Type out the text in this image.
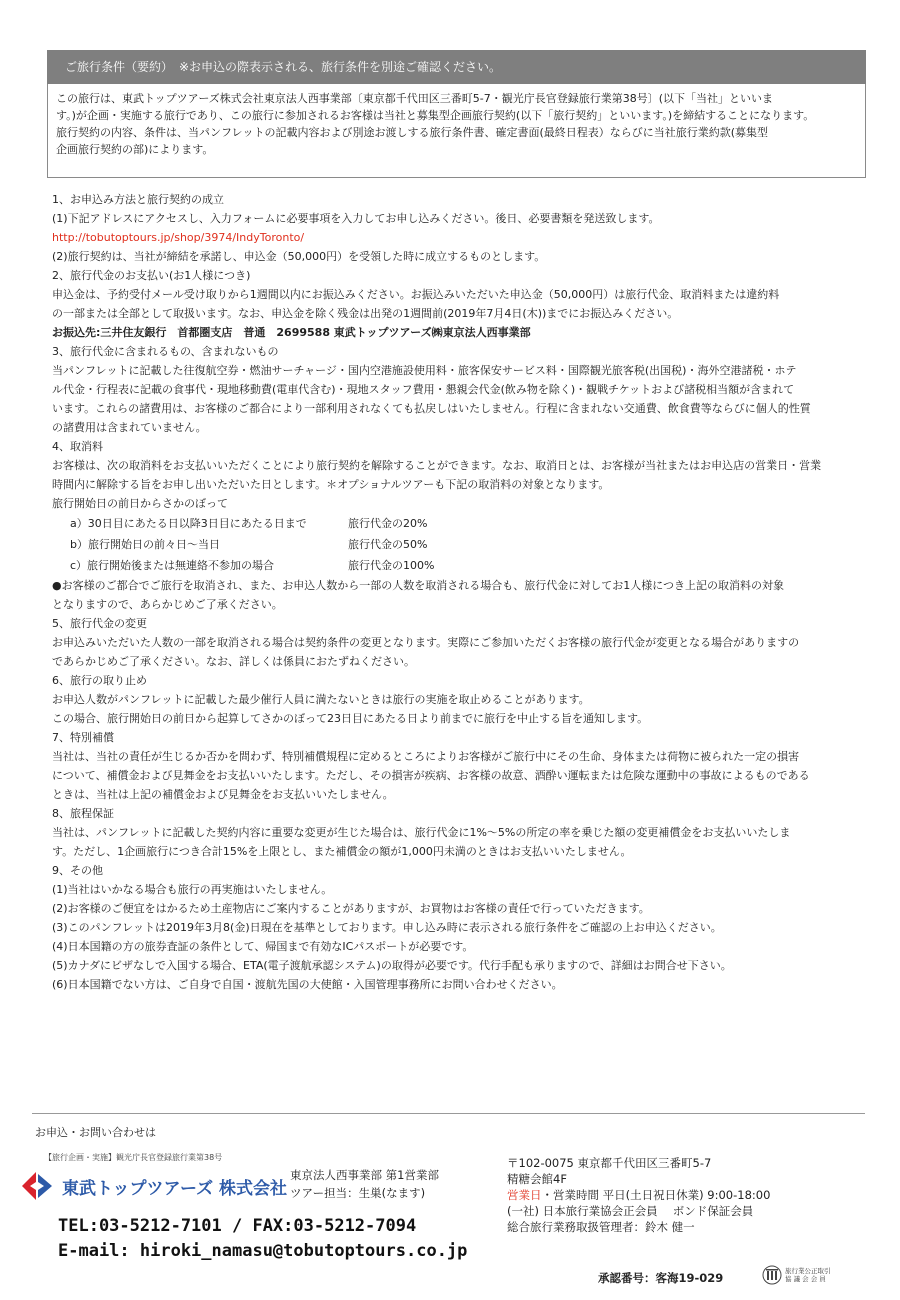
ご旅行条件（要約）　※お申込の際表示される、旅行条件を別途ご確認ください。

この旅行は、東武トップツアーズ株式会社東京法人西事業部〔東京都千代田区三番町5-7・観光庁長官登録旅行業第38号〕(以下「当社」といいま

す。)が企画・実施する旅行であり、この旅行に参加されるお客様は当社と募集型企画旅行契約(以下「旅行契約」といいます。)を締結することになります。

旅行契約の内容、条件は、当パンフレットの記載内容および別途お渡しする旅行条件書、確定書面(最終日程表）ならびに当社旅行業約款(募集型

企画旅行契約の部)によります。

1、お申込み方法と旅行契約の成立

(1)下記アドレスにアクセスし、入力フォームに必要事項を入力してお申し込みください。後日、必要書類を発送致します。

http://tobutoptours.jp/shop/3974/IndyToronto/

(2)旅行契約は、当社が締結を承諾し、申込金（50,000円）を受領した時に成立するものとします。

2、旅行代金のお支払い(お1人様につき)

申込金は、予約受付メール受け取りから1週間以内にお振込みください。お振込みいただいた申込金（50,000円）は旅行代金、取消料または違約料

の一部または全部として取扱います。なお、申込金を除く残金は出発の1週間前(2019年7月4日(木))までにお振込みください。

お振込先:三井住友銀行　首都圏支店　普通　2699588 東武トップツアーズ㈱東京法人西事業部

3、旅行代金に含まれるもの、含まれないもの

当パンフレットに記載した往復航空券・燃油サーチャージ・国内空港施設使用料・旅客保安サービス料・国際観光旅客税(出国税)・海外空港諸税・ホテ

ル代金・行程表に記載の食事代・現地移動費(電車代含む)・現地スタッフ費用・懇親会代金(飲み物を除く)・観戦チケットおよび諸税相当額が含まれて

います。これらの諸費用は、お客様のご都合により一部利用されなくても払戻しはいたしません。行程に含まれない交通費、飲食費等ならびに個人的性質

の諸費用は含まれていません。

4、取消料

お客様は、次の取消料をお支払いいただくことにより旅行契約を解除することができます。なお、取消日とは、お客様が当社またはお申込店の営業日・営業

時間内に解除する旨をお申し出いただいた日とします。＊オプショナルツアーも下記の取消料の対象となります。

旅行開始日の前日からさかのぼって

a）30日目にあたる日以降3日目にあたる日まで	旅行代金の20%
b）旅行開始日の前々日～当日	旅行代金の50%
c）旅行開始後または無連絡不参加の場合	旅行代金の100%

●お客様のご都合でご旅行を取消され、また、お申込人数から一部の人数を取消される場合も、旅行代金に対してお1人様につき上記の取消料の対象

となりますので、あらかじめご了承ください。

5、旅行代金の変更

お申込みいただいた人数の一部を取消される場合は契約条件の変更となります。実際にご参加いただくお客様の旅行代金が変更となる場合がありますの

であらかじめご了承ください。なお、詳しくは係員におたずねください。

6、旅行の取り止め

お申込人数がパンフレットに記載した最少催行人員に満たないときは旅行の実施を取止めることがあります。

この場合、旅行開始日の前日から起算してさかのぼって23日目にあたる日より前までに旅行を中止する旨を通知します。

7、特別補償

当社は、当社の責任が生じるか否かを問わず、特別補償規程に定めるところによりお客様がご旅行中にその生命、身体または荷物に被られた一定の損害

について、補償金および見舞金をお支払いいたします。ただし、その損害が疾病、お客様の故意、酒酔い運転または危険な運動中の事故によるものである

ときは、当社は上記の補償金および見舞金をお支払いいたしません。

8、旅程保証

当社は、パンフレットに記載した契約内容に重要な変更が生じた場合は、旅行代金に1%～5%の所定の率を乗じた額の変更補償金をお支払いいたしま

す。ただし、1企画旅行につき合計15%を上限とし、また補償金の額が1,000円未満のときはお支払いいたしません。

9、その他

(1)当社はいかなる場合も旅行の再実施はいたしません。

(2)お客様のご便宜をはかるため土産物店にご案内することがありますが、お買物はお客様の責任で行っていただきます。

(3)このパンフレットは2019年3月8(金)日現在を基準としております。申し込み時に表示される旅行条件をご確認の上お申込ください。

(4)日本国籍の方の旅券査証の条件として、帰国まで有効なICパスポートが必要です。

(5)カナダにビザなしで入国する場合、ETA(電子渡航承認システム)の取得が必要です。代行手配も承りますので、詳細はお問合せ下さい。

(6)日本国籍でない方は、ご自身で自国・渡航先国の大使館・入国管理事務所にお問い合わせください。

お申込・お問い合わせは
【旅行企画・実施】観光庁長官登録旅行業第38号
東武トップツアーズ 株式会社
東京法人西事業部 第1営業部
ツアー担当：生巣(なます)
〒102-0075 東京都千代田区三番町5-7
精糖会館4F
営業日・営業時間 平日(土日祝日休業) 9:00-18:00
(一社) 日本旅行業協会正会員　 ボンド保証会員
総合旅行業務取扱管理者：鈴木 健一
TEL:03-5212-7101 / FAX:03-5212-7094
E-mail: hiroki_namasu@tobutoptours.co.jp
承認番号：客海19-029	旅行業公正取引
協 議 会 会 員
